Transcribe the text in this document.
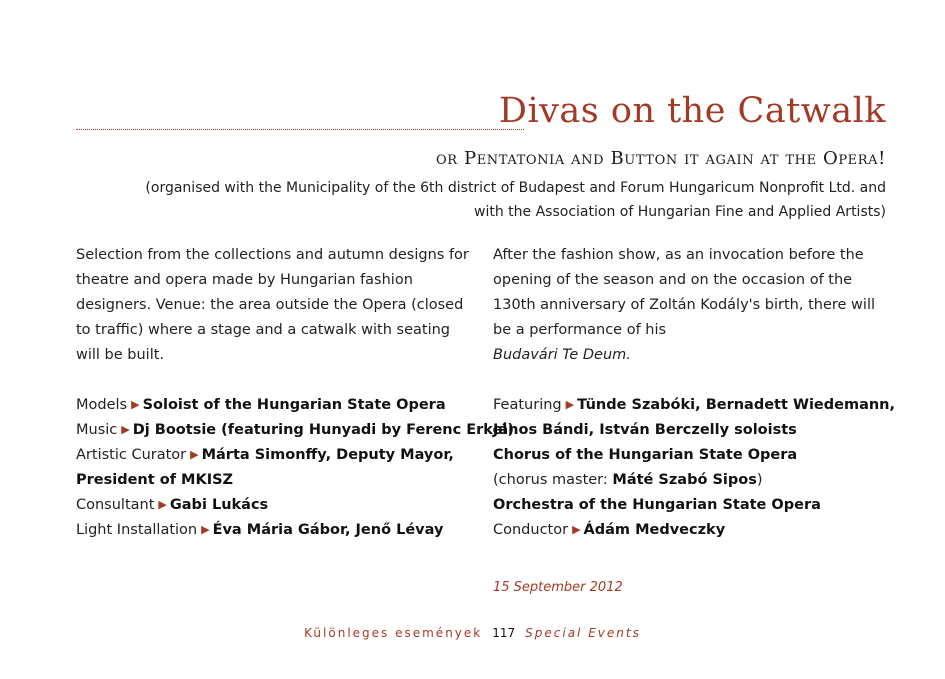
Divas on the Catwalk
or Pentatonia and Button it again at the Opera!
(organised with the Municipality of the 6th district of Budapest and Forum Hungaricum Nonprofit Ltd. and with the Association of Hungarian Fine and Applied Artists)

Selection from the collections and autumn designs for theatre and opera made by Hungarian fashion designers. Venue: the area outside the Opera (closed to traffic) where a stage and a catwalk with seating will be built.

Models ▶ Soloist of the Hungarian State Opera
Music ▶ Dj Bootsie (featuring Hunyadi by Ferenc Erkel)
Artistic Curator ▶ Márta Simonffy, Deputy Mayor,
President of MKISZ
Consultant ▶ Gabi Lukács
Light Installation ▶ Éva Mária Gábor, Jenő Lévay

After the fashion show, as an invocation before the opening of the season and on the occasion of the 130th anniversary of Zoltán Kodály's birth, there will be a performance of his
Budavári Te Deum.

Featuring ▶ Tünde Szabóki, Bernadett Wiedemann,
János Bándi, István Berczelly soloists
Chorus of the Hungarian State Opera
(chorus master: Máté Szabó Sipos)
Orchestra of the Hungarian State Opera
Conductor ▶ Ádám Medveczky
15 September 2012
Különleges események 117 Special Events
